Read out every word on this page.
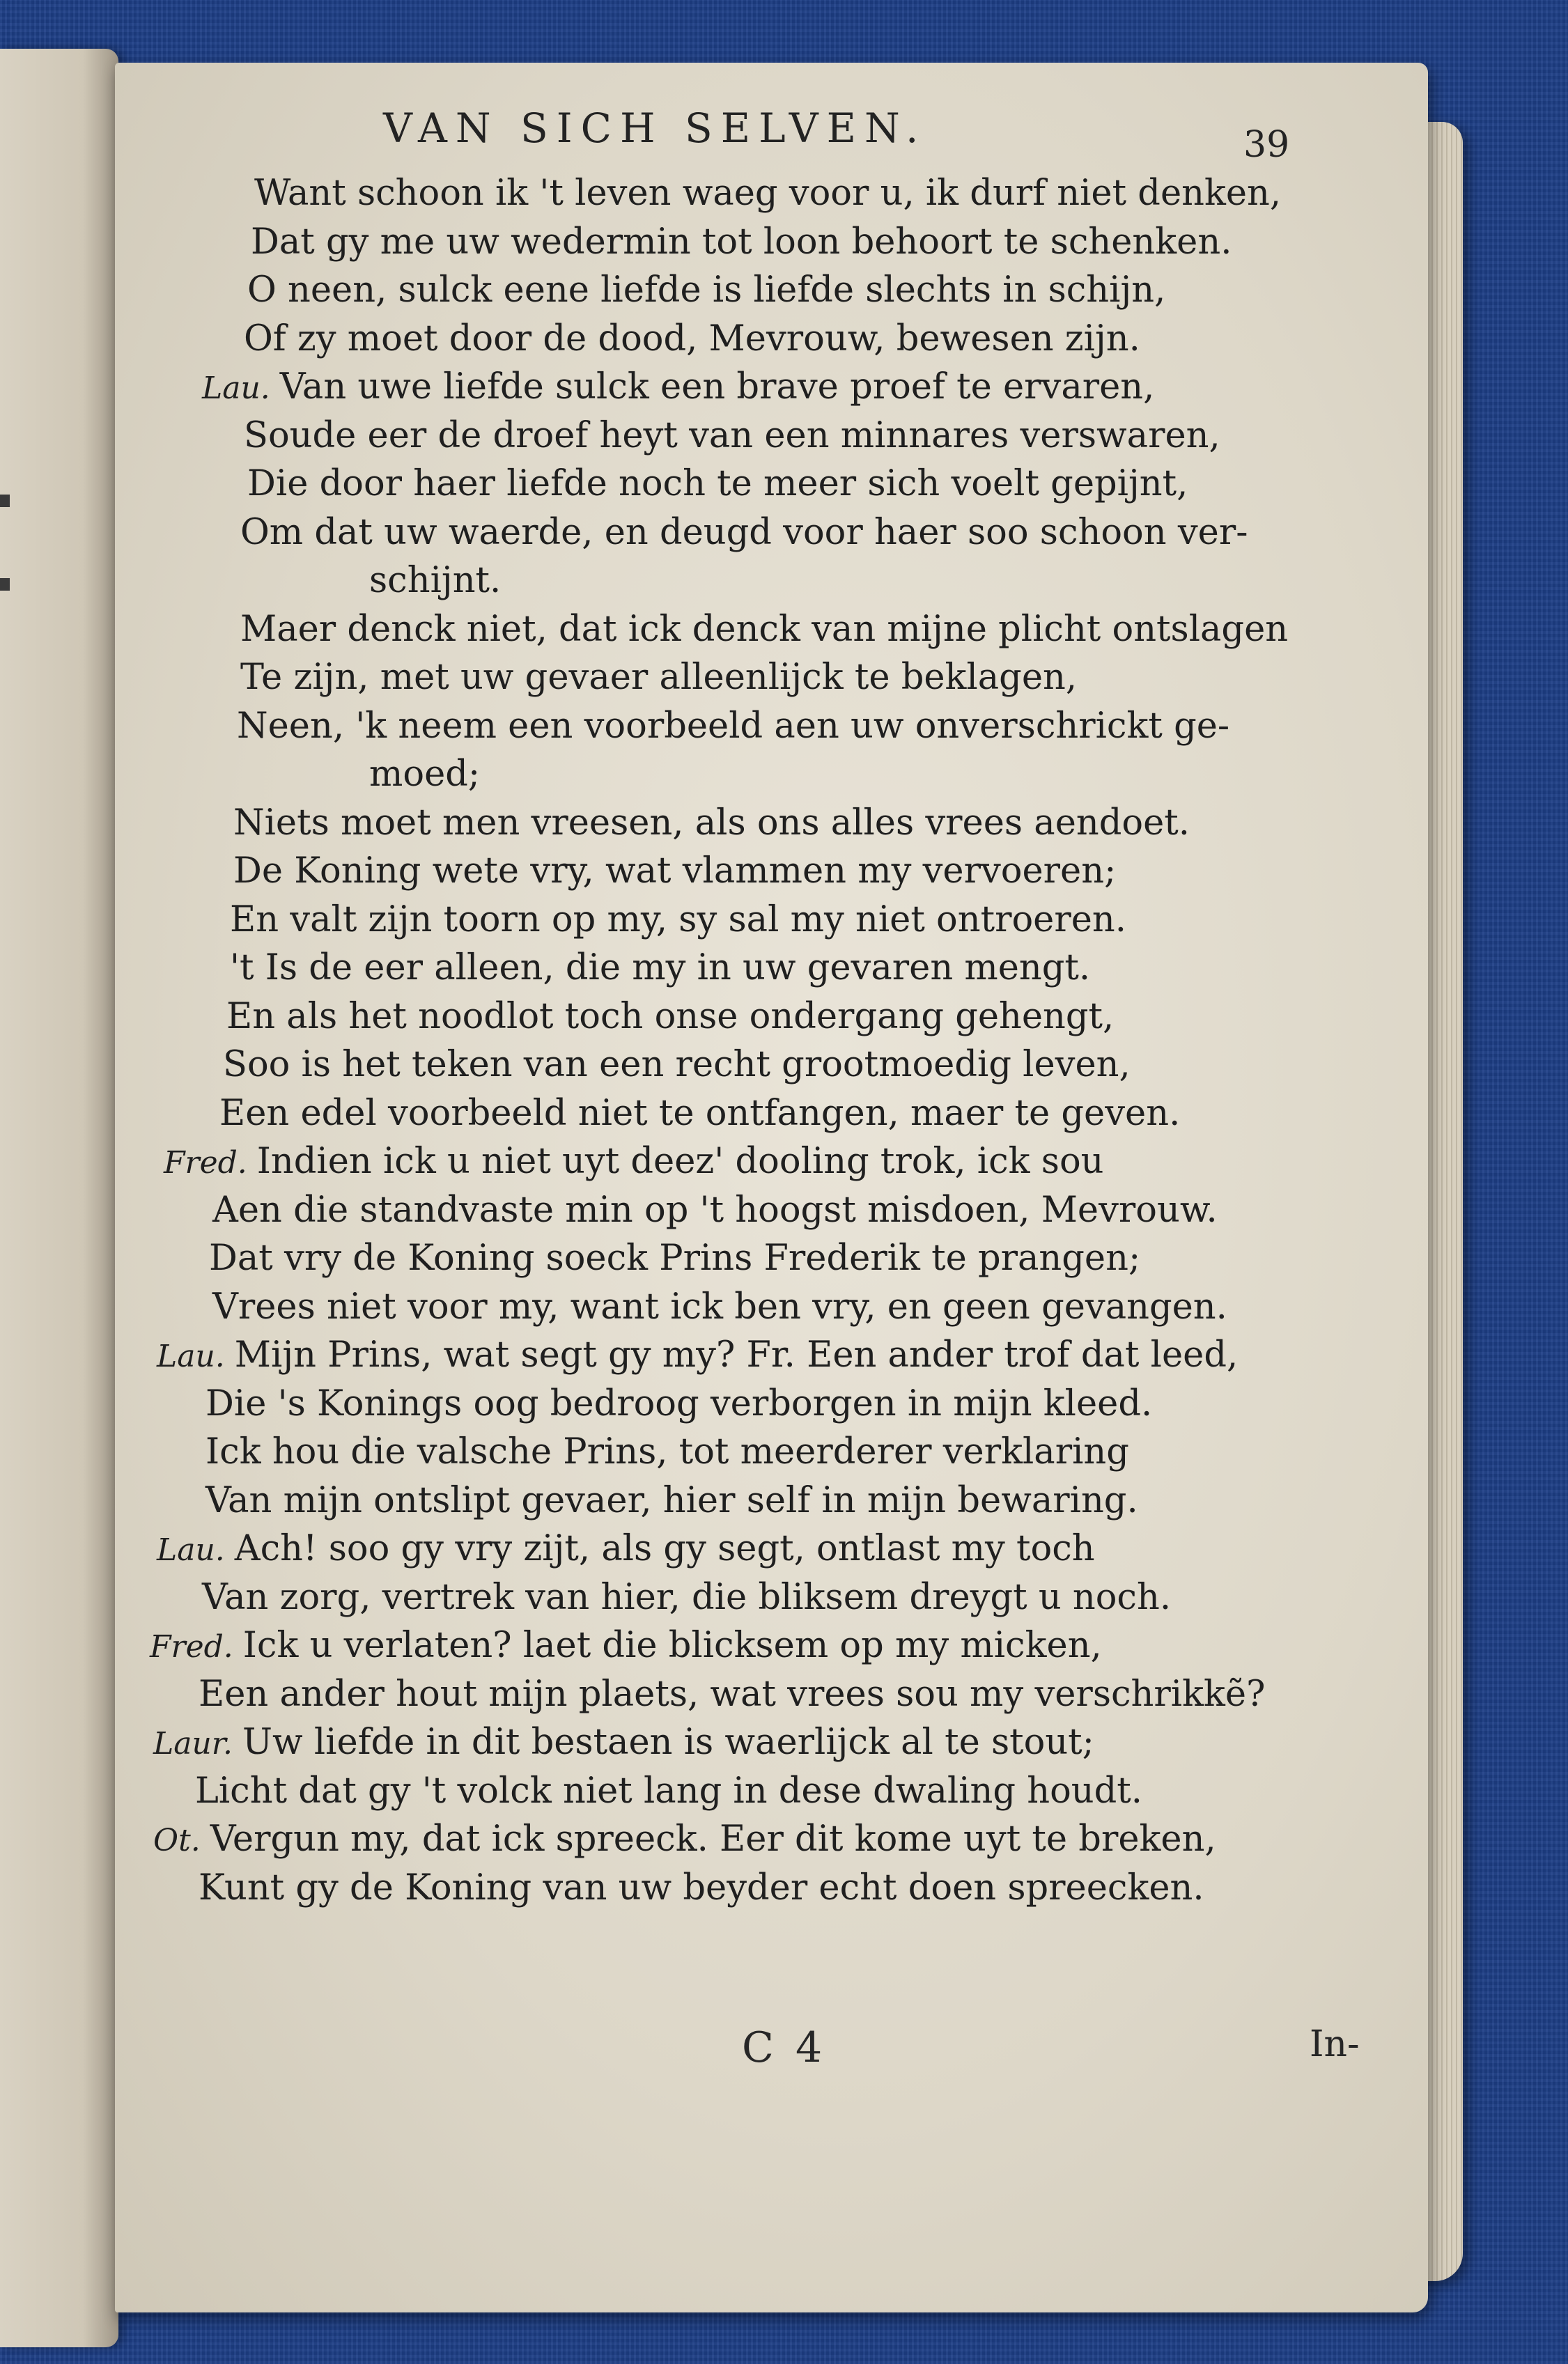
VAN SICH SELVEN.	39
Want schoon ik 't leven waeg voor u, ik durf niet denken,
Dat gy me uw wedermin tot loon behoort te schenken.
O neen, sulck eene liefde is liefde slechts in schijn,
Of zy moet door de dood, Mevrouw, bewesen zijn.
Lau. Van uwe liefde sulck een brave proef te ervaren,
Soude eer de droef heyt van een minnares verswaren,
Die door haer liefde noch te meer sich voelt gepijnt,
Om dat uw waerde, en deugd voor haer soo schoon ver-
schijnt.
Maer denck niet, dat ick denck van mijne plicht ontslagen
Te zijn, met uw gevaer alleenlijck te beklagen,
Neen, 'k neem een voorbeeld aen uw onverschrickt ge-
moed;
Niets moet men vreesen, als ons alles vrees aendoet.
De Koning wete vry, wat vlammen my vervoeren;
En valt zijn toorn op my, sy sal my niet ontroeren.
't Is de eer alleen, die my in uw gevaren mengt.
En als het noodlot toch onse ondergang gehengt,
Soo is het teken van een recht grootmoedig leven,
Een edel voorbeeld niet te ontfangen, maer te geven.
Fred. Indien ick u niet uyt deez' dooling trok, ick sou
Aen die standvaste min op 't hoogst misdoen, Mevrouw.
Dat vry de Koning soeck Prins Frederik te prangen;
Vrees niet voor my, want ick ben vry, en geen gevangen.
Lau. Mijn Prins, wat segt gy my? Fr. Een ander trof dat leed,
Die 's Konings oog bedroog verborgen in mijn kleed.
Ick hou die valsche Prins, tot meerderer verklaring
Van mijn ontslipt gevaer, hier self in mijn bewaring.
Lau. Ach! soo gy vry zijt, als gy segt, ontlast my toch
Van zorg, vertrek van hier, die bliksem dreygt u noch.
Fred. Ick u verlaten? laet die blicksem op my micken,
Een ander hout mijn plaets, wat vrees sou my verschrikkẽ?
Laur. Uw liefde in dit bestaen is waerlijck al te stout;
Licht dat gy 't volck niet lang in dese dwaling houdt.
Ot. Vergun my, dat ick spreeck. Eer dit kome uyt te breken,
Kunt gy de Koning van uw beyder echt doen spreecken.
C 4	In-
